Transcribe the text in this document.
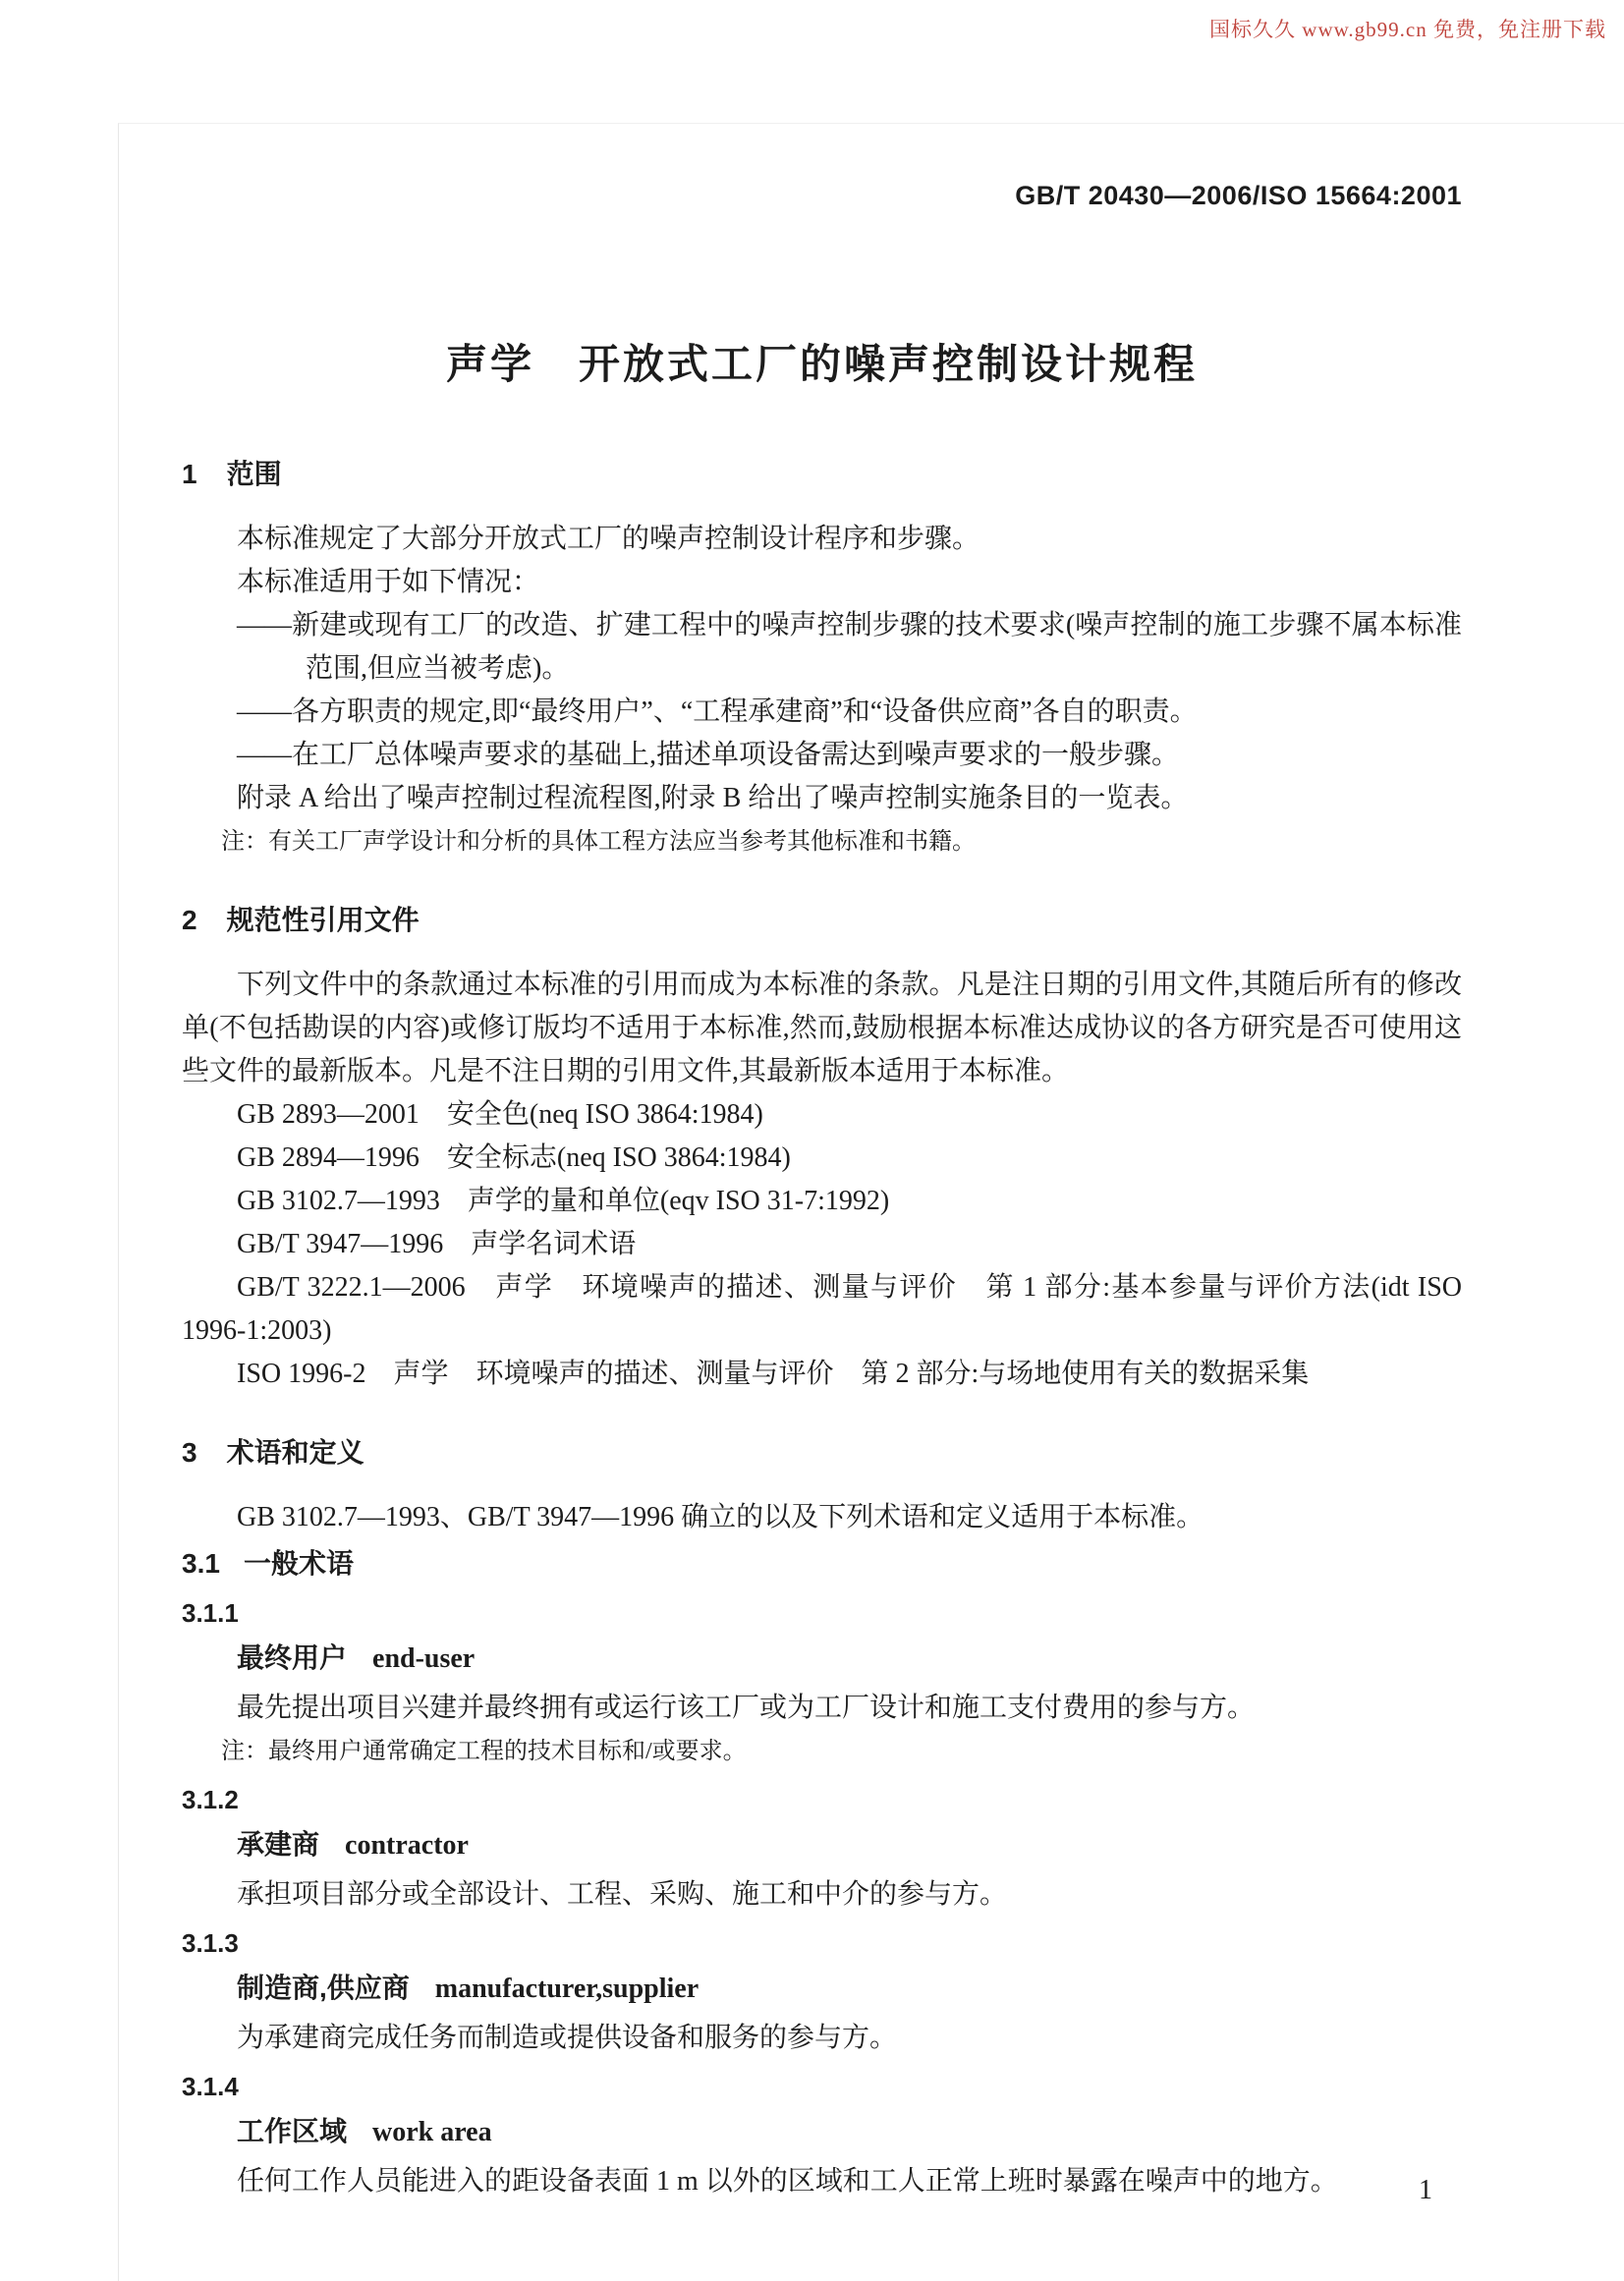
国标久久 www.gb99.cn 免费，免注册下载
GB/T 20430—2006/ISO 15664:2001
声学　开放式工厂的噪声控制设计规程
1 范围

本标准规定了大部分开放式工厂的噪声控制设计程序和步骤。

本标准适用于如下情况：

——新建或现有工厂的改造、扩建工程中的噪声控制步骤的技术要求(噪声控制的施工步骤不属本标准范围,但应当被考虑)。

——各方职责的规定,即“最终用户”、“工程承建商”和“设备供应商”各自的职责。

——在工厂总体噪声要求的基础上,描述单项设备需达到噪声要求的一般步骤。

附录 A 给出了噪声控制过程流程图,附录 B 给出了噪声控制实施条目的一览表。

注：有关工厂声学设计和分析的具体工程方法应当参考其他标准和书籍。

2 规范性引用文件

下列文件中的条款通过本标准的引用而成为本标准的条款。凡是注日期的引用文件,其随后所有的修改单(不包括勘误的内容)或修订版均不适用于本标准,然而,鼓励根据本标准达成协议的各方研究是否可使用这些文件的最新版本。凡是不注日期的引用文件,其最新版本适用于本标准。

GB 2893—2001　安全色(neq ISO 3864:1984)

GB 2894—1996　安全标志(neq ISO 3864:1984)

GB 3102.7—1993　声学的量和单位(eqv ISO 31-7:1992)

GB/T 3947—1996　声学名词术语

GB/T 3222.1—2006　声学　环境噪声的描述、测量与评价　第 1 部分:基本参量与评价方法(idt ISO 1996-1:2003)

ISO 1996-2　声学　环境噪声的描述、测量与评价　第 2 部分:与场地使用有关的数据采集

3 术语和定义

GB 3102.7—1993、GB/T 3947—1996 确立的以及下列术语和定义适用于本标准。

3.1 一般术语
3.1.1
最终用户 end-user

最先提出项目兴建并最终拥有或运行该工厂或为工厂设计和施工支付费用的参与方。

注：最终用户通常确定工程的技术目标和/或要求。

3.1.2
承建商 contractor

承担项目部分或全部设计、工程、采购、施工和中介的参与方。

3.1.3
制造商,供应商 manufacturer,supplier

为承建商完成任务而制造或提供设备和服务的参与方。

3.1.4
工作区域 work area

任何工作人员能进入的距设备表面 1 m 以外的区域和工人正常上班时暴露在噪声中的地方。	1
